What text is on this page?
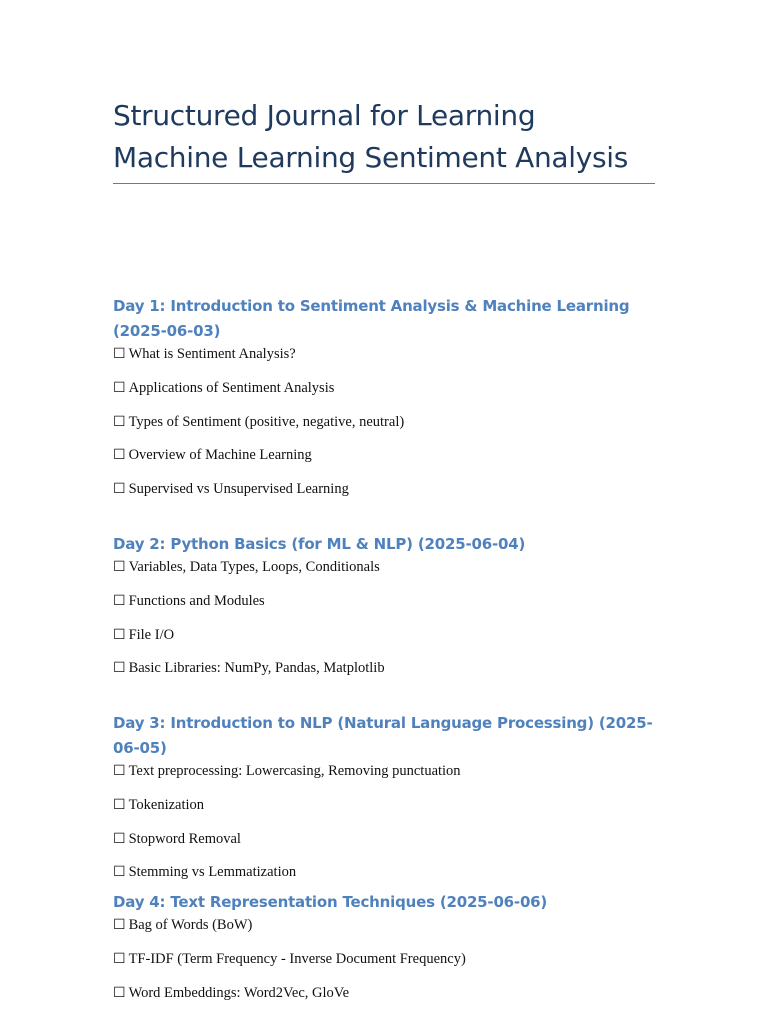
Structured Journal for Learning Machine Learning Sentiment Analysis
Day 1: Introduction to Sentiment Analysis & Machine Learning (2025-06-03)
☐ What is Sentiment Analysis?
☐ Applications of Sentiment Analysis
☐ Types of Sentiment (positive, negative, neutral)
☐ Overview of Machine Learning
☐ Supervised vs Unsupervised Learning
Day 2: Python Basics (for ML & NLP) (2025-06-04)
☐ Variables, Data Types, Loops, Conditionals
☐ Functions and Modules
☐ File I/O
☐ Basic Libraries: NumPy, Pandas, Matplotlib
Day 3: Introduction to NLP (Natural Language Processing) (2025-06-05)
☐ Text preprocessing: Lowercasing, Removing punctuation
☐ Tokenization
☐ Stopword Removal
☐ Stemming vs Lemmatization
Day 4: Text Representation Techniques (2025-06-06)
☐ Bag of Words (BoW)
☐ TF-IDF (Term Frequency - Inverse Document Frequency)
☐ Word Embeddings: Word2Vec, GloVe
